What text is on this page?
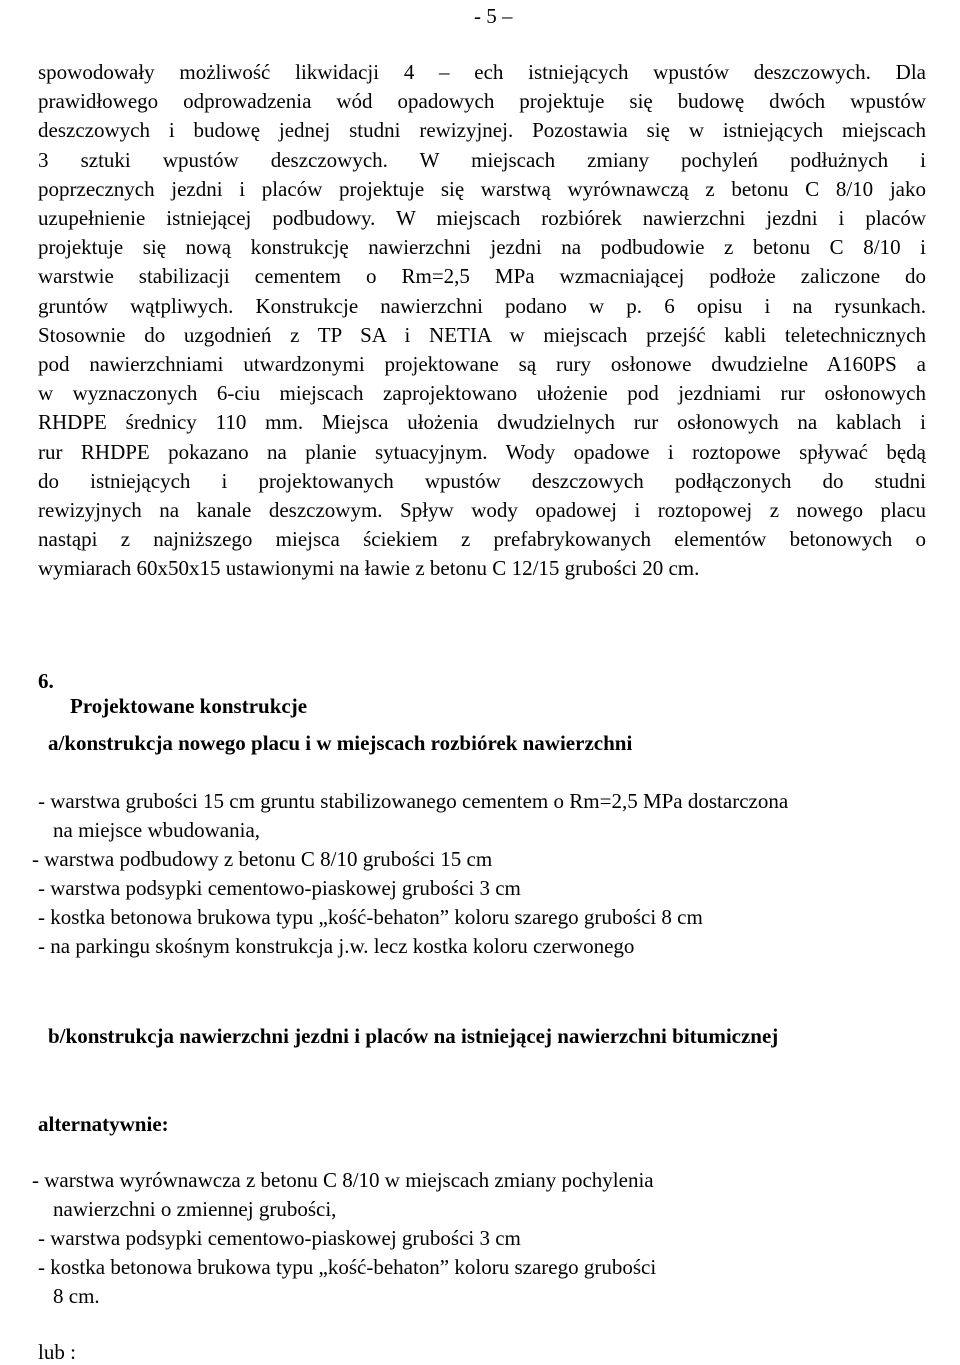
- 5 –
spowodowały możliwość likwidacji 4 – ech istniejących wpustów deszczowych. Dla
prawidłowego odprowadzenia wód opadowych projektuje się budowę dwóch wpustów
deszczowych i budowę jednej studni rewizyjnej. Pozostawia się w istniejących miejscach
3 sztuki wpustów deszczowych. W miejscach zmiany pochyleń podłużnych i
poprzecznych jezdni i placów projektuje się warstwą wyrównawczą z betonu C 8/10 jako
uzupełnienie istniejącej podbudowy. W miejscach rozbiórek nawierzchni jezdni i placów
projektuje się nową konstrukcję nawierzchni jezdni na podbudowie z betonu C 8/10 i
warstwie stabilizacji cementem o Rm=2,5 MPa wzmacniającej podłoże zaliczone do
gruntów wątpliwych. Konstrukcje nawierzchni podano w p. 6 opisu i na rysunkach.
Stosownie do uzgodnień z TP SA i NETIA w miejscach przejść kabli teletechnicznych
pod nawierzchniami utwardzonymi projektowane są rury osłonowe dwudzielne A160PS a
w wyznaczonych 6-ciu miejscach zaprojektowano ułożenie pod jezdniami rur osłonowych
RHDPE średnicy 110 mm. Miejsca ułożenia dwudzielnych rur osłonowych na kablach i
rur RHDPE pokazano na planie sytuacyjnym. Wody opadowe i roztopowe spływać będą
do istniejących i projektowanych wpustów deszczowych podłączonych do studni
rewizyjnych na kanale deszczowym. Spływ wody opadowej i roztopowej z nowego placu
nastąpi z najniższego miejsca ściekiem z prefabrykowanych elementów betonowych o
wymiarach 60x50x15 ustawionymi na ławie z betonu C 12/15 grubości 20 cm.

6.

Projektowane konstrukcje

a/konstrukcja nowego placu i w miejscach rozbiórek nawierzchni
- warstwa grubości 15 cm gruntu stabilizowanego cementem o Rm=2,5 MPa dostarczona
na miejsce wbudowania,
- warstwa podbudowy z betonu C 8/10 grubości 15 cm
- warstwa podsypki cementowo-piaskowej grubości 3 cm
- kostka betonowa brukowa typu „kość-behaton” koloru szarego grubości 8 cm
- na parkingu skośnym konstrukcja j.w. lecz kostka koloru czerwonego
b/konstrukcja nawierzchni jezdni i placów na istniejącej nawierzchni bitumicznej
alternatywnie:
- warstwa wyrównawcza z betonu C 8/10 w miejscach zmiany pochylenia
nawierzchni o zmiennej grubości,
- warstwa podsypki cementowo-piaskowej grubości 3 cm
- kostka betonowa brukowa typu „kość-behaton” koloru szarego grubości
8 cm.
lub :
